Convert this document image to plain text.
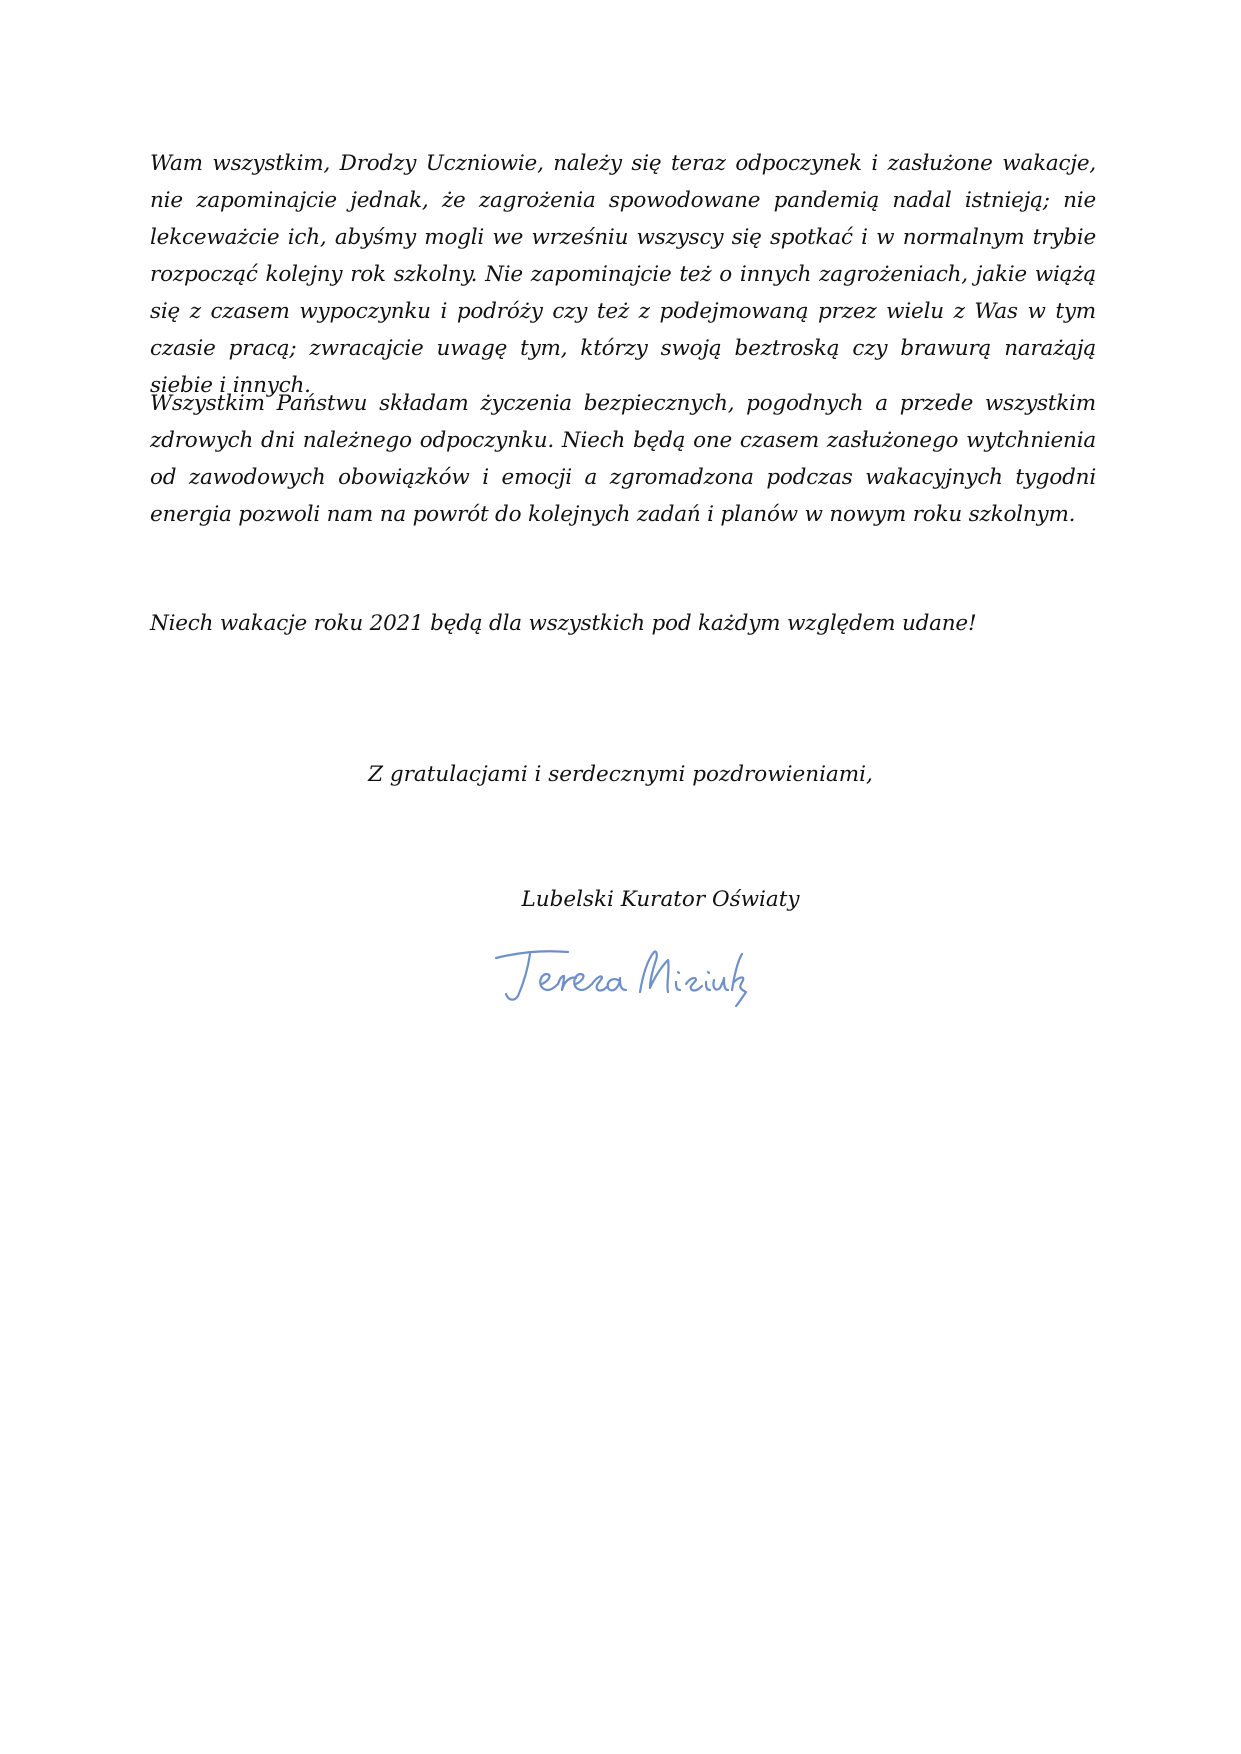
Wam wszystkim, Drodzy Uczniowie, należy się teraz odpoczynek i zasłużone wakacje, nie zapominajcie jednak, że zagrożenia spowodowane pandemią nadal istnieją; nie lekceważcie ich, abyśmy mogli we wrześniu wszyscy się spotkać i w normalnym trybie rozpocząć kolejny rok szkolny. Nie zapominajcie też o innych zagrożeniach, jakie wiążą się z czasem wypoczynku i podróży czy też z podejmowaną przez wielu z Was w tym czasie pracą; zwracajcie uwagę tym, którzy swoją beztroską czy brawurą narażają siebie i innych.

Wszystkim Państwu składam życzenia bezpiecznych, pogodnych a przede wszystkim zdrowych dni należnego odpoczynku. Niech będą one czasem zasłużonego wytchnienia od zawodowych obowiązków i emocji a zgromadzona podczas wakacyjnych tygodni energia pozwoli nam na powrót do kolejnych zadań i planów w nowym roku szkolnym.

Niech wakacje roku 2021 będą dla wszystkich pod każdym względem udane!

Z gratulacjami i serdecznymi pozdrowieniami,

Lubelski Kurator Oświaty
